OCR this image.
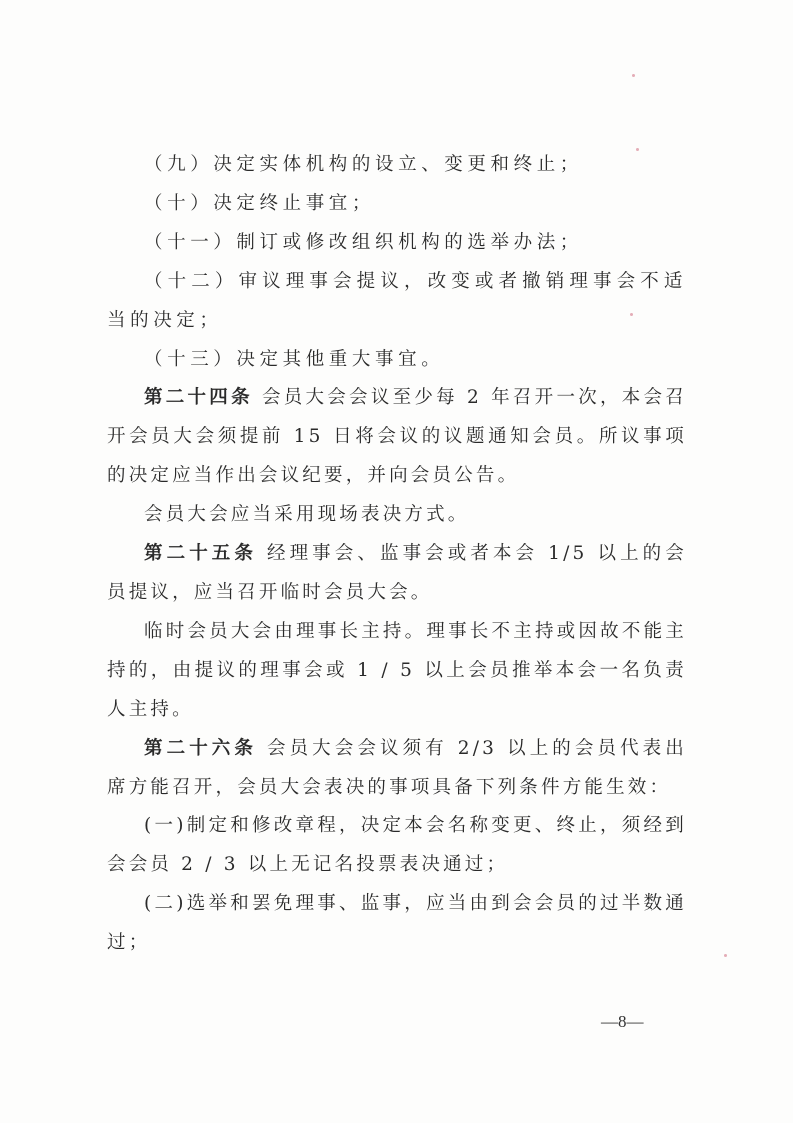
（九）决定实体机构的设立、变更和终止；

（十）决定终止事宜；

（十一）制订或修改组织机构的选举办法；

（十二）审议理事会提议，改变或者撤销理事会不适当的决定；

（十三）决定其他重大事宜。

第二十四条 会员大会会议至少每 2 年召开一次，本会召开会员大会须提前 15 日将会议的议题通知会员。所议事项的决定应当作出会议纪要，并向会员公告。

会员大会应当采用现场表决方式。

第二十五条 经理事会、监事会或者本会 1/5 以上的会员提议，应当召开临时会员大会。

临时会员大会由理事长主持。理事长不主持或因故不能主持的，由提议的理事会或 1 / 5 以上会员推举本会一名负责人主持。

第二十六条 会员大会会议须有 2/3 以上的会员代表出席方能召开，会员大会表决的事项具备下列条件方能生效：

(一)制定和修改章程，决定本会名称变更、终止，须经到会会员 2 / 3 以上无记名投票表决通过；

(二)选举和罢免理事、监事，应当由到会会员的过半数通过；

—8—
